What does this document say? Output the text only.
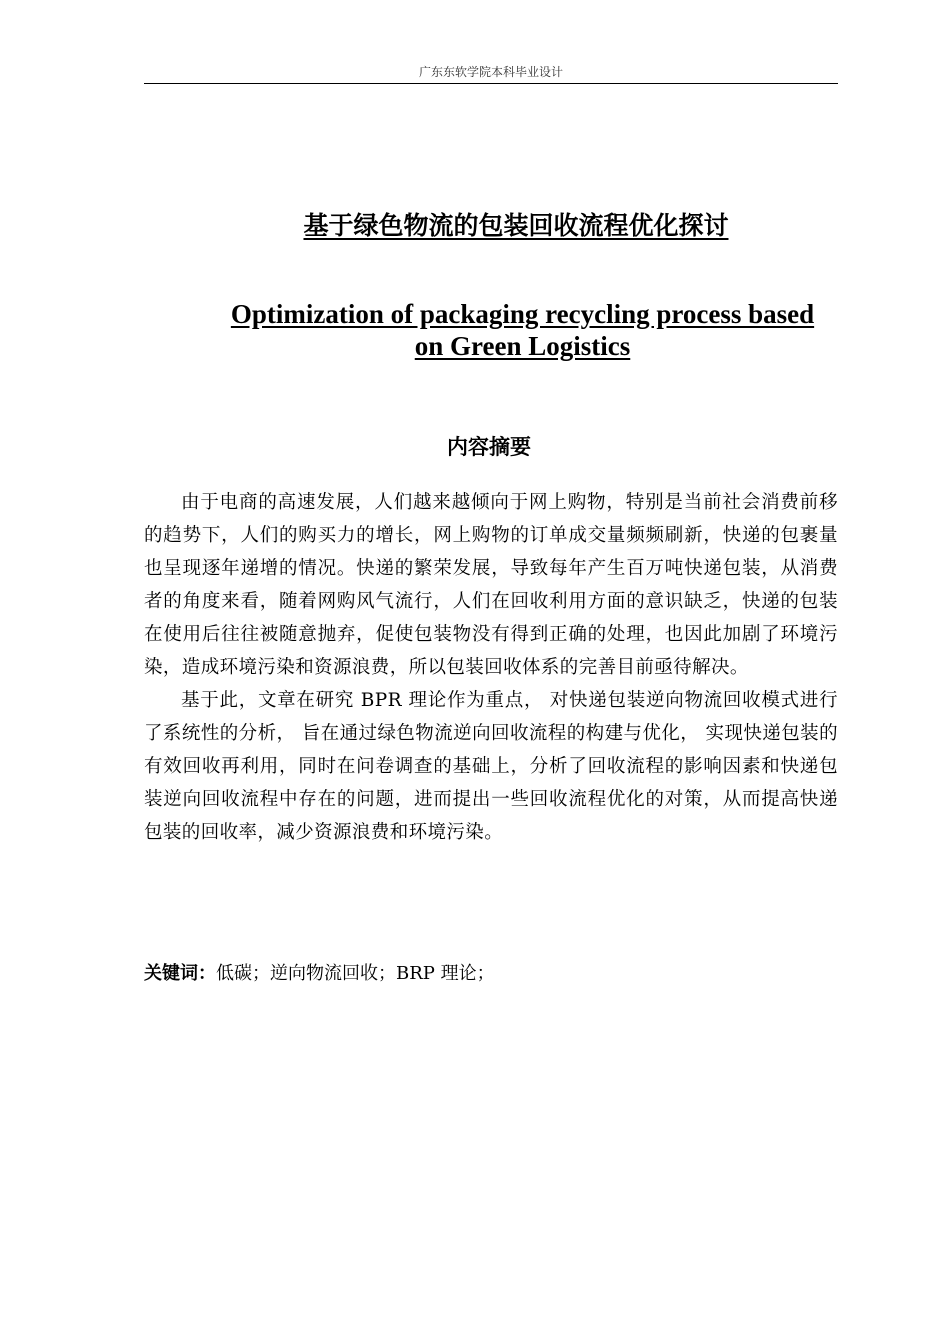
广东东软学院本科毕业设计
基于绿色物流的包装回收流程优化探讨
Optimization of packaging recycling process based
on Green Logistics
内容摘要

由于电商的高速发展，人们越来越倾向于网上购物，特别是当前社会消费前移的趋势下，人们的购买力的增长，网上购物的订单成交量频频刷新，快递的包裹量也呈现逐年递增的情况。快递的繁荣发展，导致每年产生百万吨快递包装，从消费者的角度来看，随着网购风气流行，人们在回收利用方面的意识缺乏，快递的包装在使用后往往被随意抛弃，促使包装物没有得到正确的处理，也因此加剧了环境污染，造成环境污染和资源浪费，所以包装回收体系的完善目前亟待解决。

基于此，文章在研究 BPR 理论作为重点， 对快递包装逆向物流回收模式进行了系统性的分析， 旨在通过绿色物流逆向回收流程的构建与优化， 实现快递包装的有效回收再利用，同时在问卷调查的基础上，分析了回收流程的影响因素和快递包装逆向回收流程中存在的问题，进而提出一些回收流程优化的对策，从而提高快递包装的回收率，减少资源浪费和环境污染。

关键词：低碳；逆向物流回收；BRP 理论；
